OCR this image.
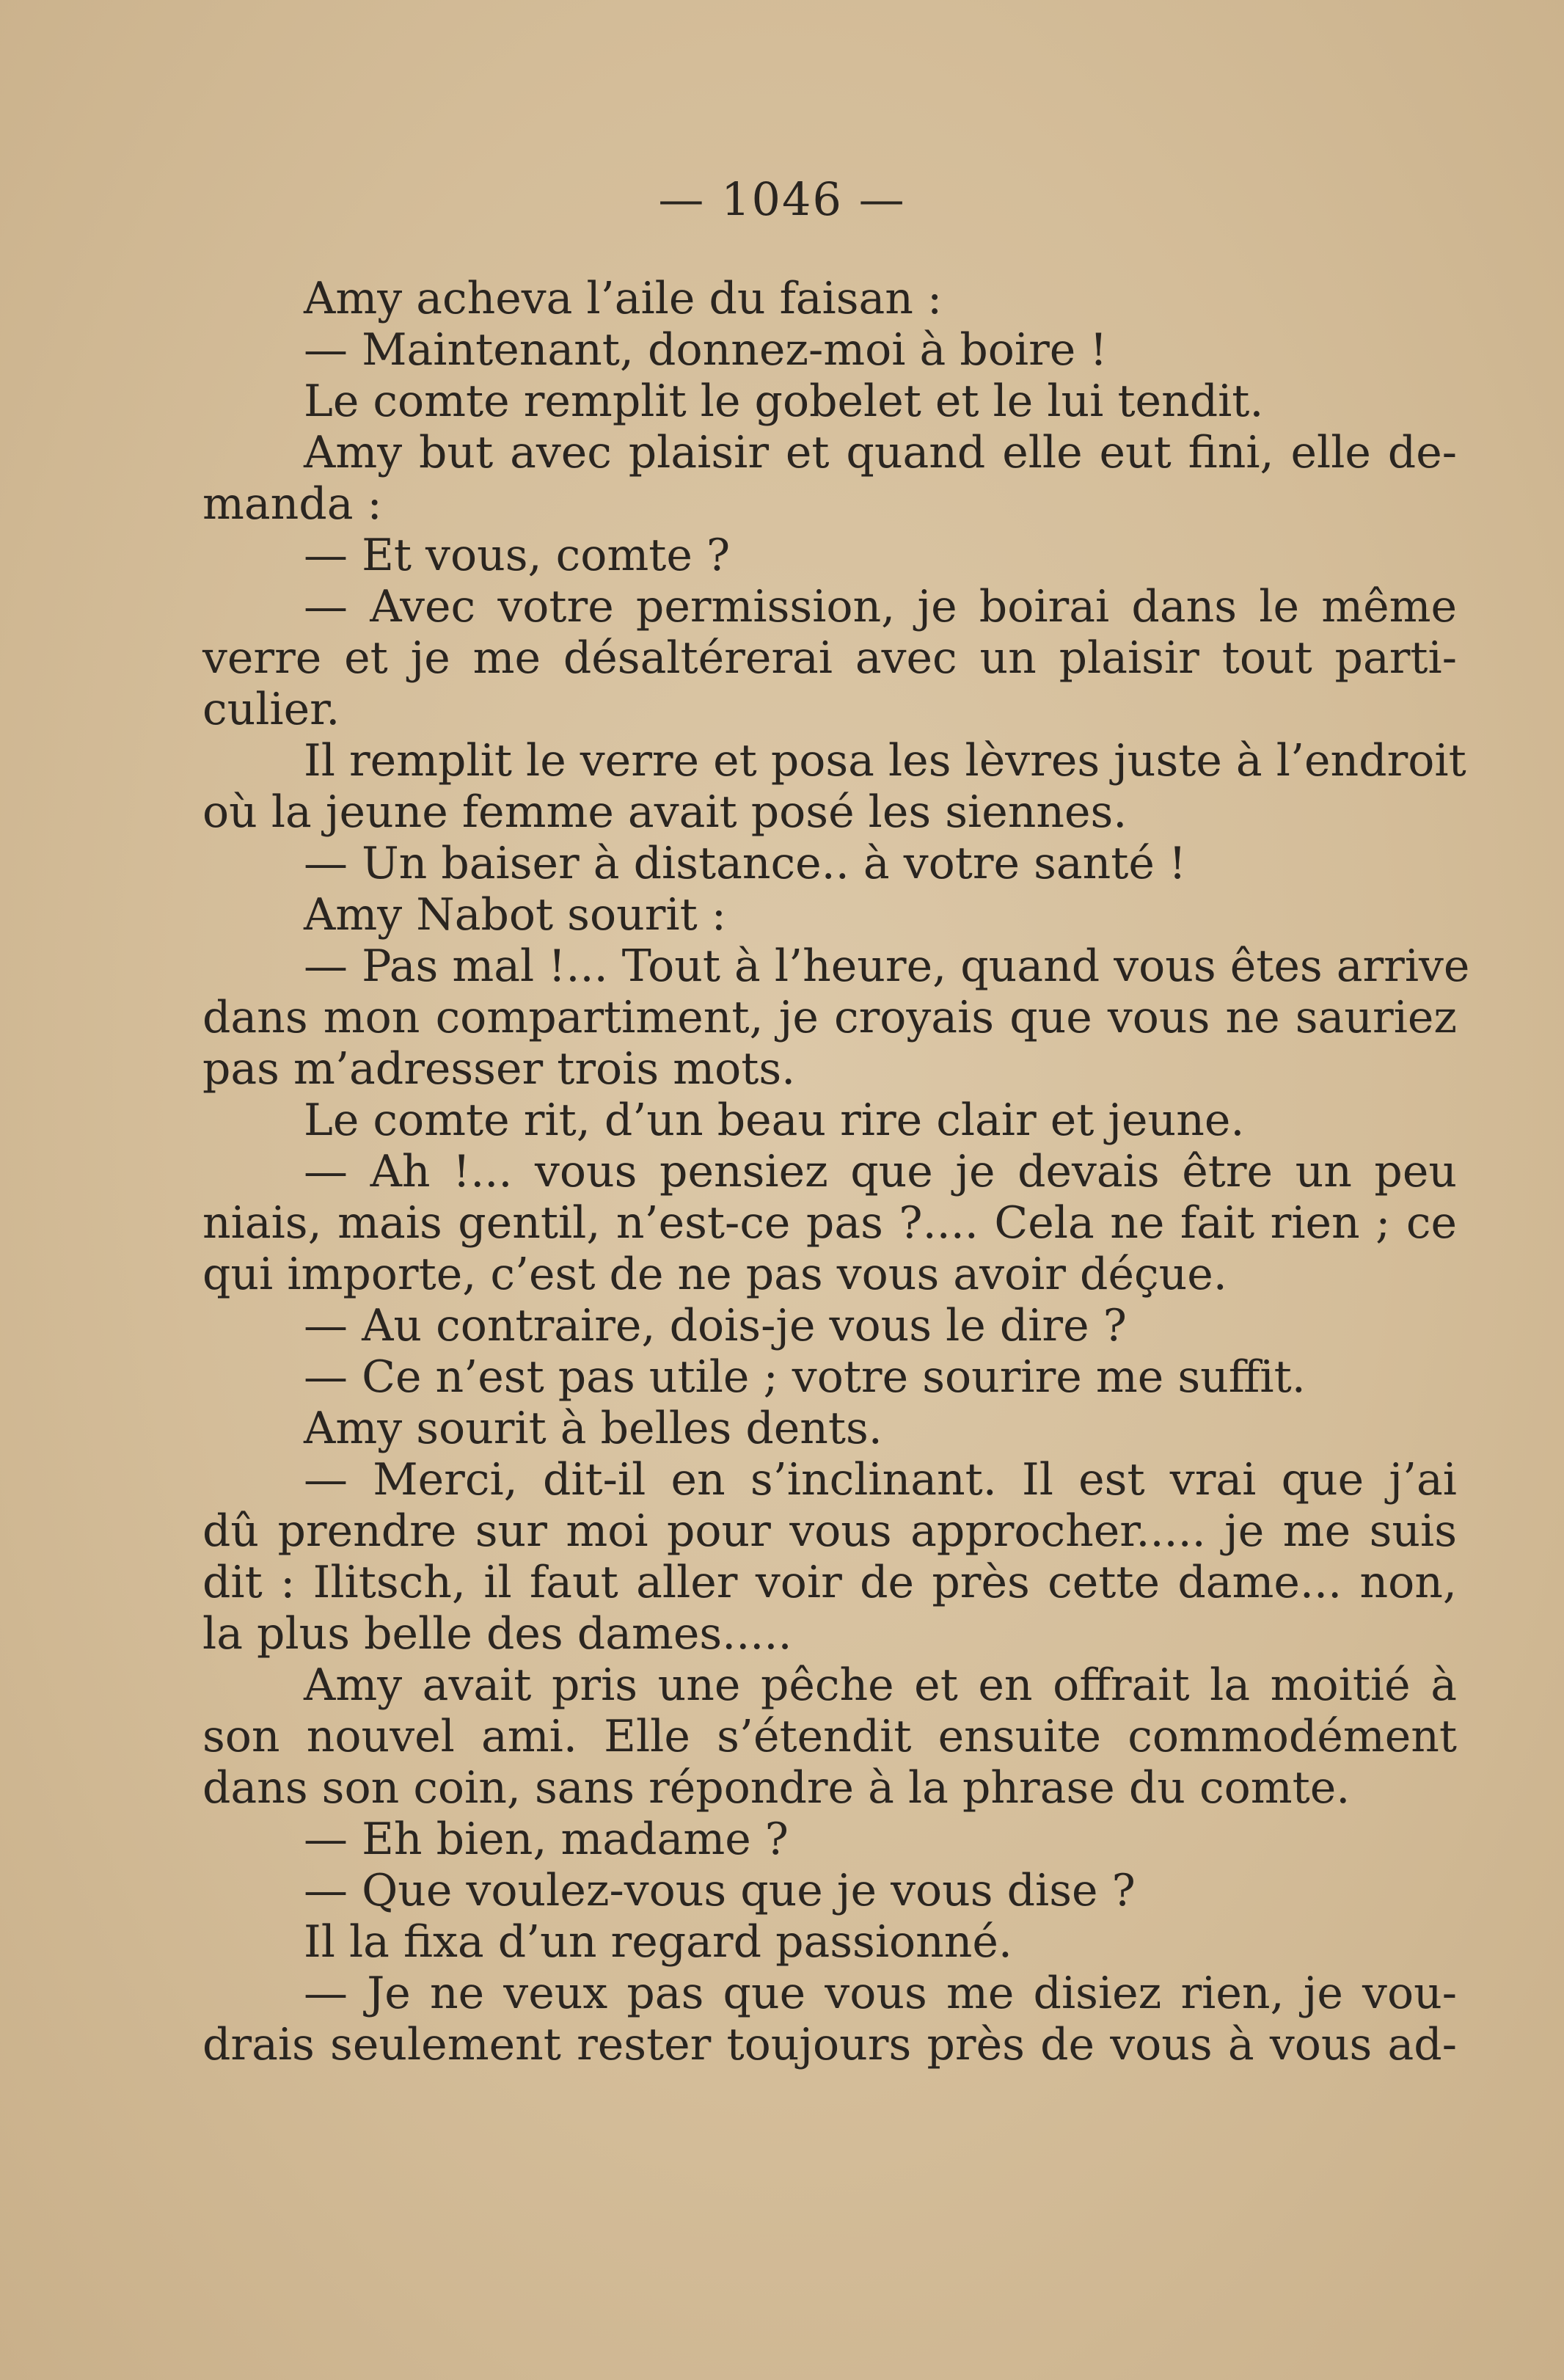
— 1046 —
Amy acheva l’aile du faisan :
— Maintenant, donnez-moi à boire !
Le comte remplit le gobelet et le lui tendit.
Amy but avec plaisir et quand elle eut fini, elle de-
manda :
— Et vous, comte ?
— Avec votre permission, je boirai dans le même
verre et je me désaltérerai avec un plaisir tout parti-
culier.
Il remplit le verre et posa les lèvres juste à l’endroit
où la jeune femme avait posé les siennes.
— Un baiser à distance.. à votre santé !
Amy Nabot sourit :
— Pas mal !... Tout à l’heure, quand vous êtes arrive
dans mon compartiment, je croyais que vous ne sauriez
pas m’adresser trois mots.
Le comte rit, d’un beau rire clair et jeune.
— Ah !... vous pensiez que je devais être un peu
niais, mais gentil, n’est-ce pas ?.... Cela ne fait rien ; ce
qui importe, c’est de ne pas vous avoir déçue.
— Au contraire, dois-je vous le dire ?
— Ce n’est pas utile ; votre sourire me suffit.
Amy sourit à belles dents.
— Merci, dit-il en s’inclinant. Il est vrai que j’ai
dû prendre sur moi pour vous approcher..... je me suis
dit : Ilitsch, il faut aller voir de près cette dame... non,
la plus belle des dames.....
Amy avait pris une pêche et en offrait la moitié à
son nouvel ami. Elle s’étendit ensuite commodément
dans son coin, sans répondre à la phrase du comte.
— Eh bien, madame ?
— Que voulez-vous que je vous dise ?
Il la fixa d’un regard passionné.
— Je ne veux pas que vous me disiez rien, je vou-
drais seulement rester toujours près de vous à vous ad-
